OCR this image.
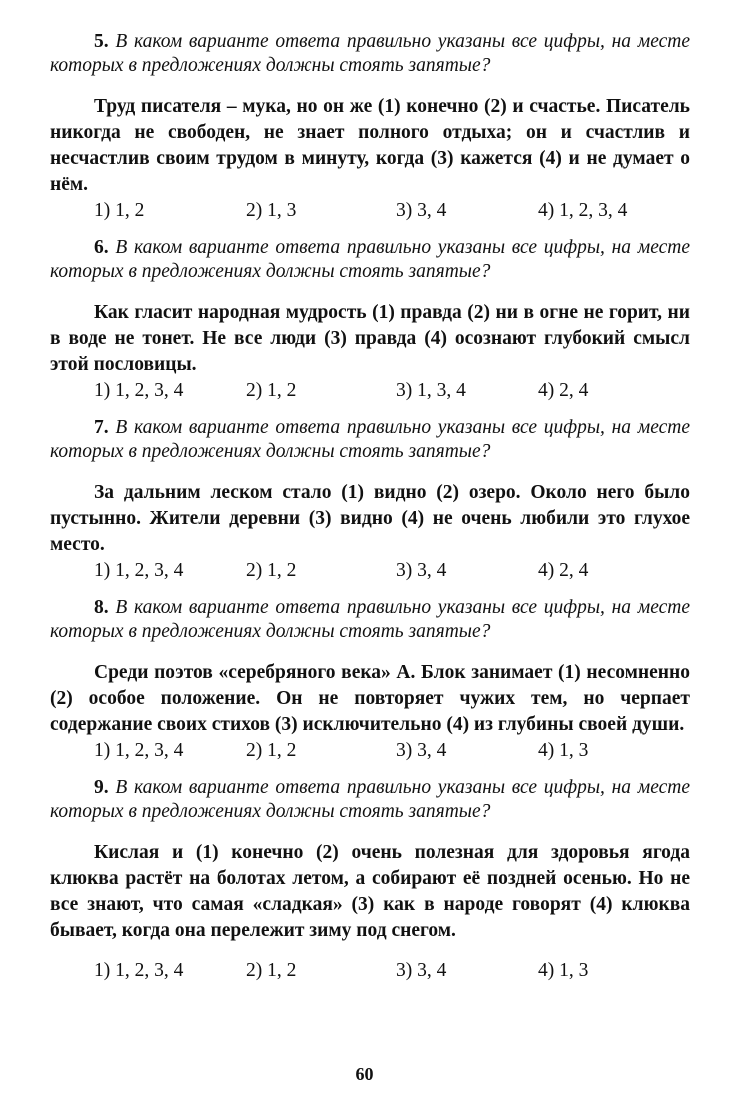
5. В каком варианте ответа правильно указаны все цифры, на месте которых в предложениях должны стоять запятые?

Труд писателя – мука, но он же (1) конечно (2) и счастье. Писатель никогда не свободен, не знает полного отдыха; он и счастлив и несчастлив своим трудом в минуту, когда (3) кажется (4) и не думает о нём.

1) 1, 2	2) 1, 3	3) 3, 4	4) 1, 2, 3, 4

6. В каком варианте ответа правильно указаны все цифры, на месте которых в предложениях должны стоять запятые?

Как гласит народная мудрость (1) правда (2) ни в огне не горит, ни в воде не тонет. Не все люди (3) правда (4) осознают глубокий смысл этой пословицы.

1) 1, 2, 3, 4	2) 1, 2	3) 1, 3, 4	4) 2, 4

7. В каком варианте ответа правильно указаны все цифры, на месте которых в предложениях должны стоять запятые?

За дальним леском стало (1) видно (2) озеро. Около него было пустынно. Жители деревни (3) видно (4) не очень любили это глухое место.

1) 1, 2, 3, 4	2) 1, 2	3) 3, 4	4) 2, 4

8. В каком варианте ответа правильно указаны все цифры, на месте которых в предложениях должны стоять запятые?

Среди поэтов «серебряного века» А. Блок занимает (1) несомненно (2) особое положение. Он не повторяет чужих тем, но черпает содержание своих стихов (3) исключительно (4) из глубины своей души.

1) 1, 2, 3, 4	2) 1, 2	3) 3, 4	4) 1, 3

9. В каком варианте ответа правильно указаны все цифры, на месте которых в предложениях должны стоять запятые?

Кислая и (1) конечно (2) очень полезная для здоровья ягода клюква растёт на болотах летом, а собирают её поздней осенью. Но не все знают, что самая «сладкая» (3) как в народе говорят (4) клюква бывает, когда она перележит зиму под снегом.

1) 1, 2, 3, 4	2) 1, 2	3) 3, 4	4) 1, 3
60
